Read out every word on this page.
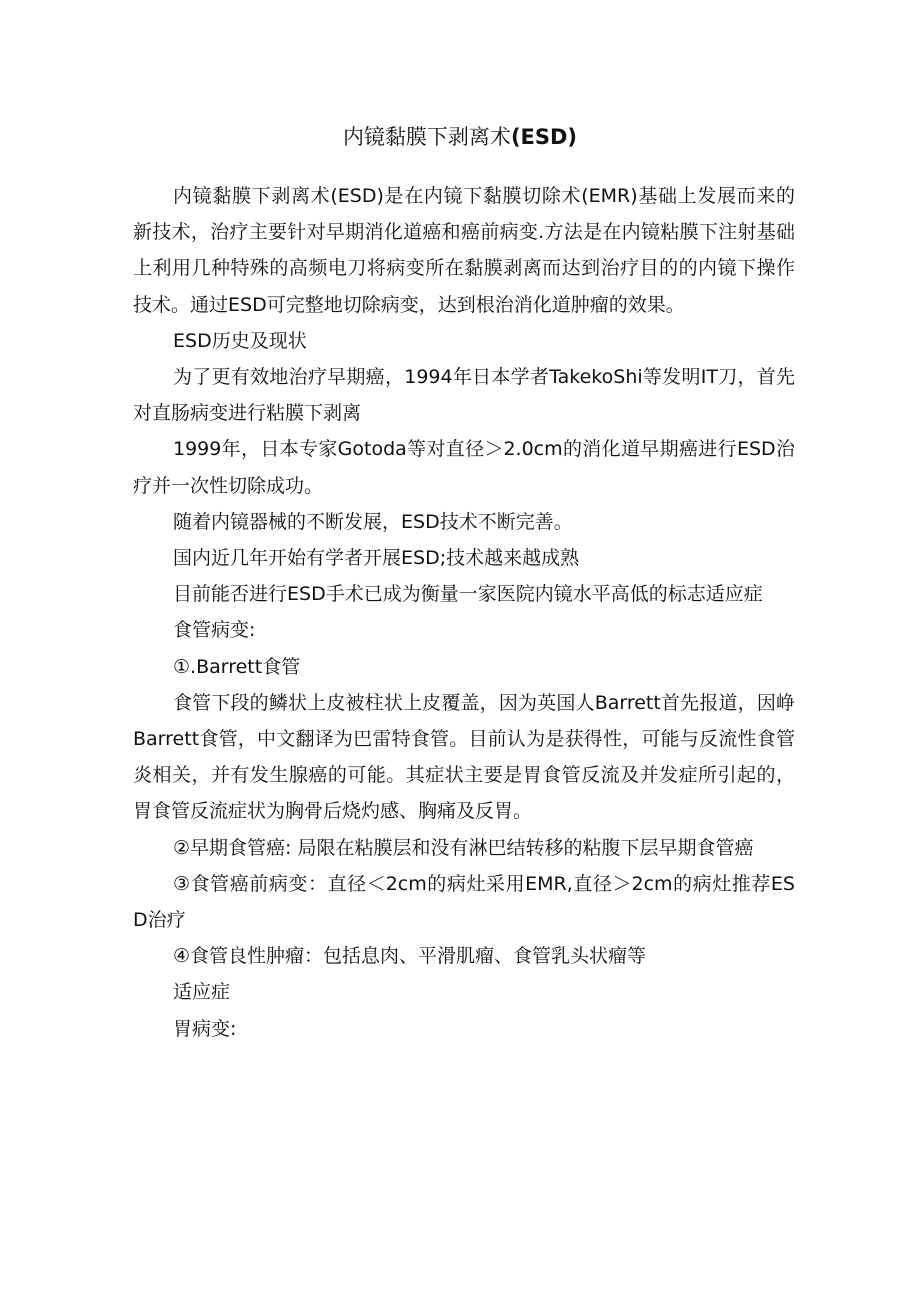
内镜黏膜下剥离术(ESD)

内镜黏膜下剥离术(ESD)是在内镜下黏膜切除术(EMR)基础上发展而来的新技术，治疗主要针对早期消化道癌和癌前病变.方法是在内镜粘膜下注射基础上利用几种特殊的高频电刀将病变所在黏膜剥离而达到治疗目的的内镜下操作技术。通过ESD可完整地切除病变，达到根治消化道肿瘤的效果。

ESD历史及现状

为了更有效地治疗早期癌，1994年日本学者TakekoShi等发明IT刀，首先对直肠病变进行粘膜下剥离

1999年，日本专家Gotoda等对直径＞2.0cm的消化道早期癌进行ESD治疗并一次性切除成功。

随着内镜器械的不断发展，ESD技术不断完善。

国内近几年开始有学者开展ESD;技术越来越成熟

目前能否进行ESD手术已成为衡量一家医院内镜水平高低的标志适应症

食管病变:

①.Barrett食管

食管下段的鳞状上皮被柱状上皮覆盖，因为英国人Barrett首先报道，因峥Barrett食管，中文翻译为巴雷特食管。目前认为是获得性，可能与反流性食管炎相关，并有发生腺癌的可能。其症状主要是胃食管反流及并发症所引起的，胃食管反流症状为胸骨后烧灼感、胸痛及反胃。

②早期食管癌: 局限在粘膜层和没有淋巴结转移的粘腹下层早期食管癌

③食管癌前病变：直径＜2cm的病灶采用EMR,直径＞2cm的病灶推荐ESD治疗

④食管良性肿瘤：包括息肉、平滑肌瘤、食管乳头状瘤等

适应症

胃病变:
